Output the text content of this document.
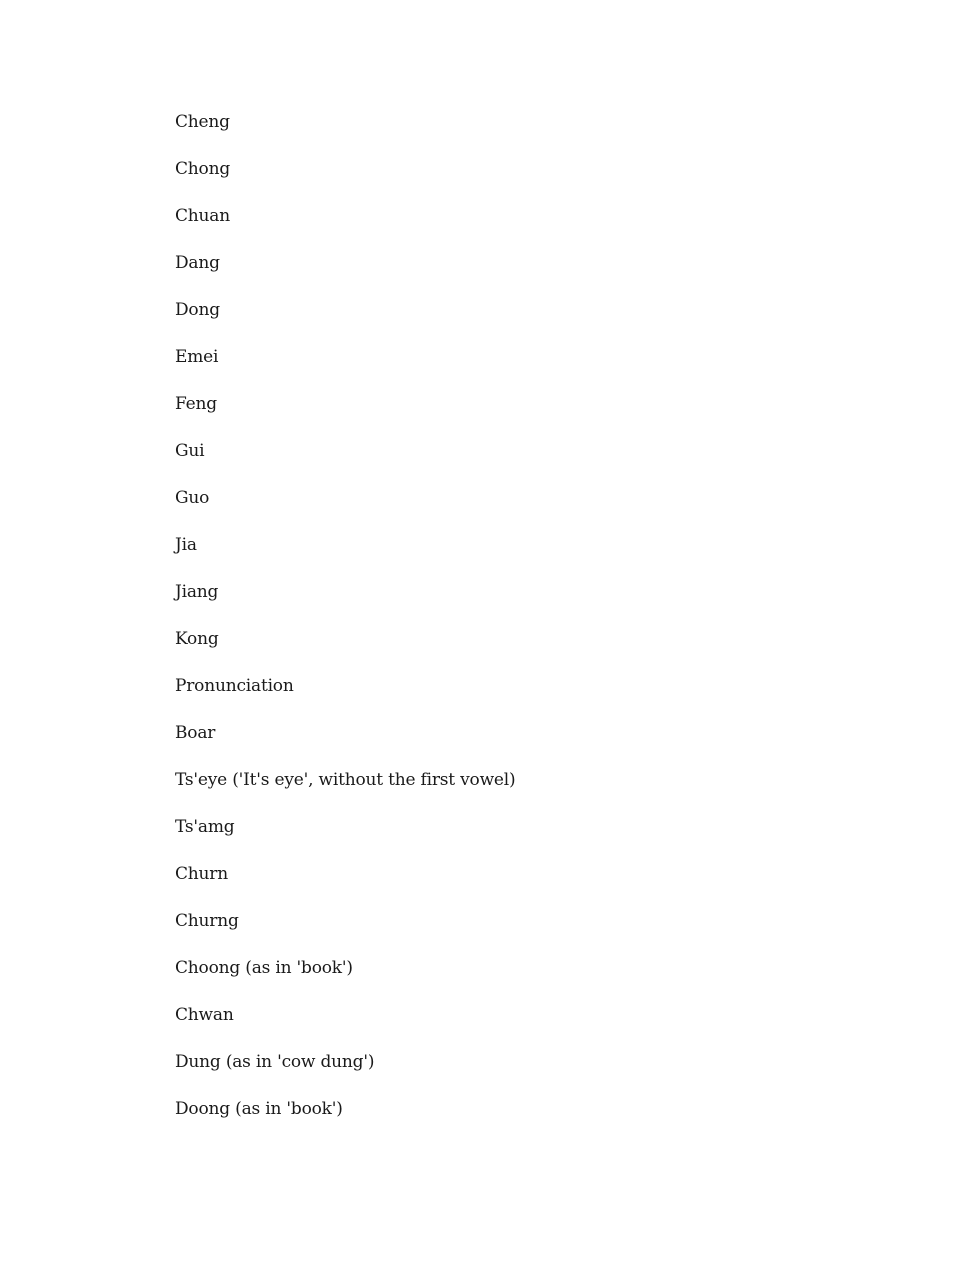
Cheng
Chong
Chuan
Dang
Dong
Emei
Feng
Gui
Guo
Jia
Jiang
Kong
Pronunciation
Boar
Ts'eye ('It's eye', without the first vowel)
Ts'amg
Churn
Churng
Choong (as in 'book')
Chwan
Dung (as in 'cow dung')
Doong (as in 'book')
